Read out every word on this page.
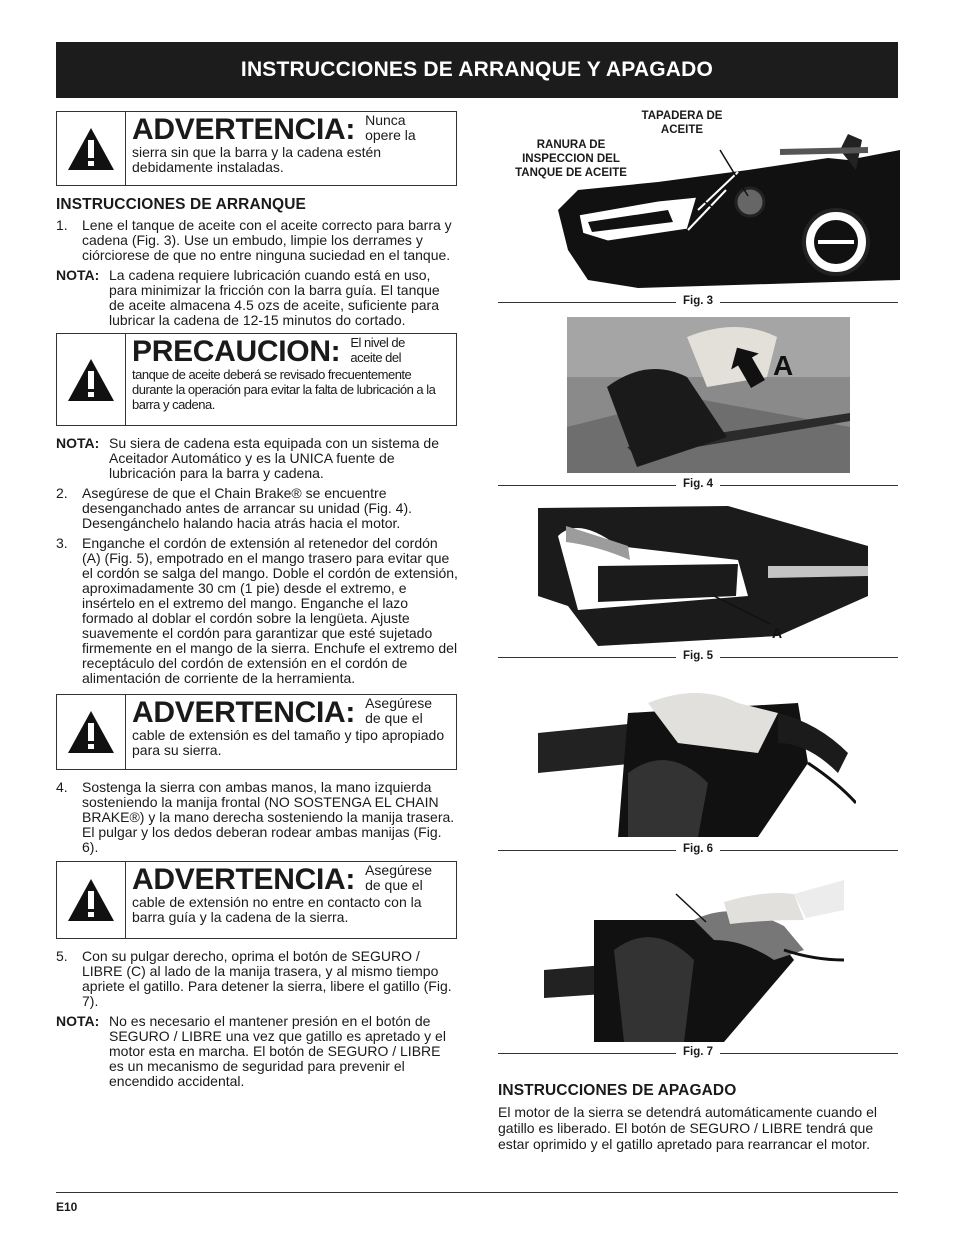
INSTRUCCIONES DE ARRANQUE Y APAGADO
ADVERTENCIA: Nunca
opere la
sierra sin que la barra y la cadena estén debidamente instaladas.
INSTRUCCIONES DE ARRANQUE
1.	Lene el tanque de aceite con el aceite correcto para barra y cadena (Fig. 3). Use un embudo, limpie los derrames y ciórciorese de que no entre ninguna suciedad en el tanque.
NOTA: La cadena requiere lubricación cuando está en uso, para minimizar la fricción con la barra guía. El tanque de aceite almacena 4.5 ozs de aceite, suficiente para lubricar la cadena de 12-15 minutos do cortado.
PRECAUCION: El nivel de
aceite del
tanque de aceite deberá se revisado frecuentemente durante la operación para evitar la falta de lubricación a la barra y cadena.
NOTA: Su siera de cadena esta equipada con un sistema de Aceitador Automático y es la UNICA fuente de lubricación para la barra y cadena.
2.	Asegúrese de que el Chain Brake® se encuentre desenganchado antes de arrancar su unidad (Fig. 4). Desengánchelo halando hacia atrás hacia el motor.
3.	Enganche el cordón de extensión al retenedor del cordón (A) (Fig. 5), empotrado en el mango trasero para evitar que el cordón se salga del mango. Doble el cordón de extensión, aproximadamente 30 cm (1 pie) desde el extremo, e insértelo en el extremo del mango. Enganche el lazo formado al doblar el cordón sobre la lengüeta. Ajuste suavemente el cordón para garantizar que esté sujetado firmemente en el mango de la sierra. Enchufe el extremo del receptáculo del cordón de extensión en el cordón de alimentación de corriente de la herramienta.
ADVERTENCIA: Asegúrese
de que el
cable de extensión es del tamaño y tipo apropiado para su sierra.
4.	Sostenga la sierra con ambas manos, la mano izquierda sosteniendo la manija frontal (NO SOSTENGA EL CHAIN BRAKE®) y la mano derecha sosteniendo la manija trasera. El pulgar y los dedos deberan rodear ambas manijas (Fig. 6).
ADVERTENCIA: Asegúrese
de que el
cable de extensión no entre en contacto con la barra guía y la cadena de la sierra.
5.	Con su pulgar derecho, oprima el botón de SEGURO / LIBRE (C) al lado de la manija trasera, y al mismo tiempo apriete el gatillo. Para detener la sierra, libere el gatillo (Fig. 7).
NOTA: No es necesario el mantener presión en el botón de SEGURO / LIBRE una vez que gatillo es apretado y el motor esta en marcha. El botón de SEGURO / LIBRE es un mecanismo de seguridad para prevenir el encendido accidental.
TAPADERA DE
ACEITE
RANURA DE
INSPECCION DEL
TANQUE DE ACEITE
Fig. 3
A
Fig. 4
A
Fig. 5
Fig. 6
Fig. 7
INSTRUCCIONES DE APAGADO

El motor de la sierra se detendrá automáticamente cuando el gatillo es liberado. El botón de SEGURO / LIBRE tendrá que estar oprimido y el gatillo apretado para rearrancar el motor.

E10
